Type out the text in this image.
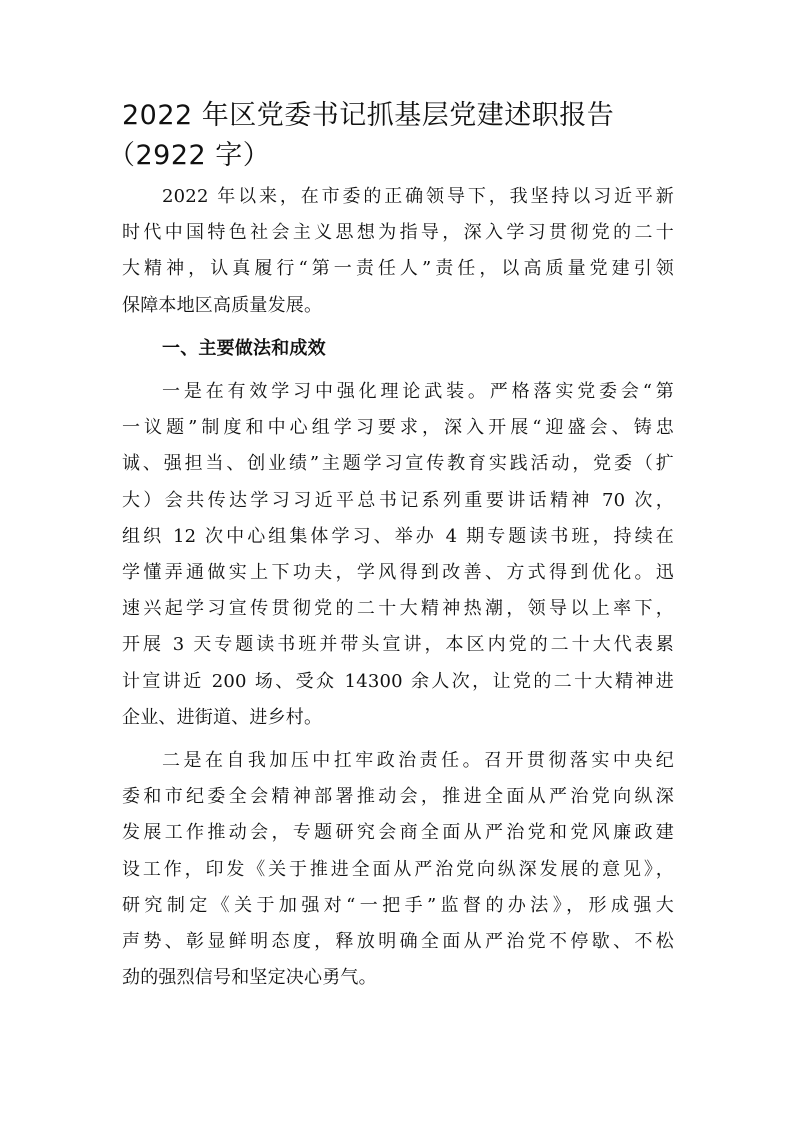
2022 年区党委书记抓基层党建述职报告
（2922 字）

2022 年以来，在市委的正确领导下，我坚持以习近平新
时代中国特色社会主义思想为指导，深入学习贯彻党的二十
大精神，认真履行“第一责任人”责任，以高质量党建引领
保障本地区高质量发展。

一、主要做法和成效

一是在有效学习中强化理论武装。严格落实党委会“第
一议题”制度和中心组学习要求，深入开展“迎盛会、铸忠
诚、强担当、创业绩”主题学习宣传教育实践活动，党委（扩
大）会共传达学习习近平总书记系列重要讲话精神 70 次，
组织 12 次中心组集体学习、举办 4 期专题读书班，持续在
学懂弄通做实上下功夫，学风得到改善、方式得到优化。迅
速兴起学习宣传贯彻党的二十大精神热潮，领导以上率下，
开展 3 天专题读书班并带头宣讲，本区内党的二十大代表累
计宣讲近 200 场、受众 14300 余人次，让党的二十大精神进
企业、进街道、进乡村。

二是在自我加压中扛牢政治责任。召开贯彻落实中央纪
委和市纪委全会精神部署推动会，推进全面从严治党向纵深
发展工作推动会，专题研究会商全面从严治党和党风廉政建
设工作，印发《关于推进全面从严治党向纵深发展的意见》，
研究制定《关于加强对“一把手”监督的办法》，形成强大
声势、彰显鲜明态度，释放明确全面从严治党不停歇、不松
劲的强烈信号和坚定决心勇气。
